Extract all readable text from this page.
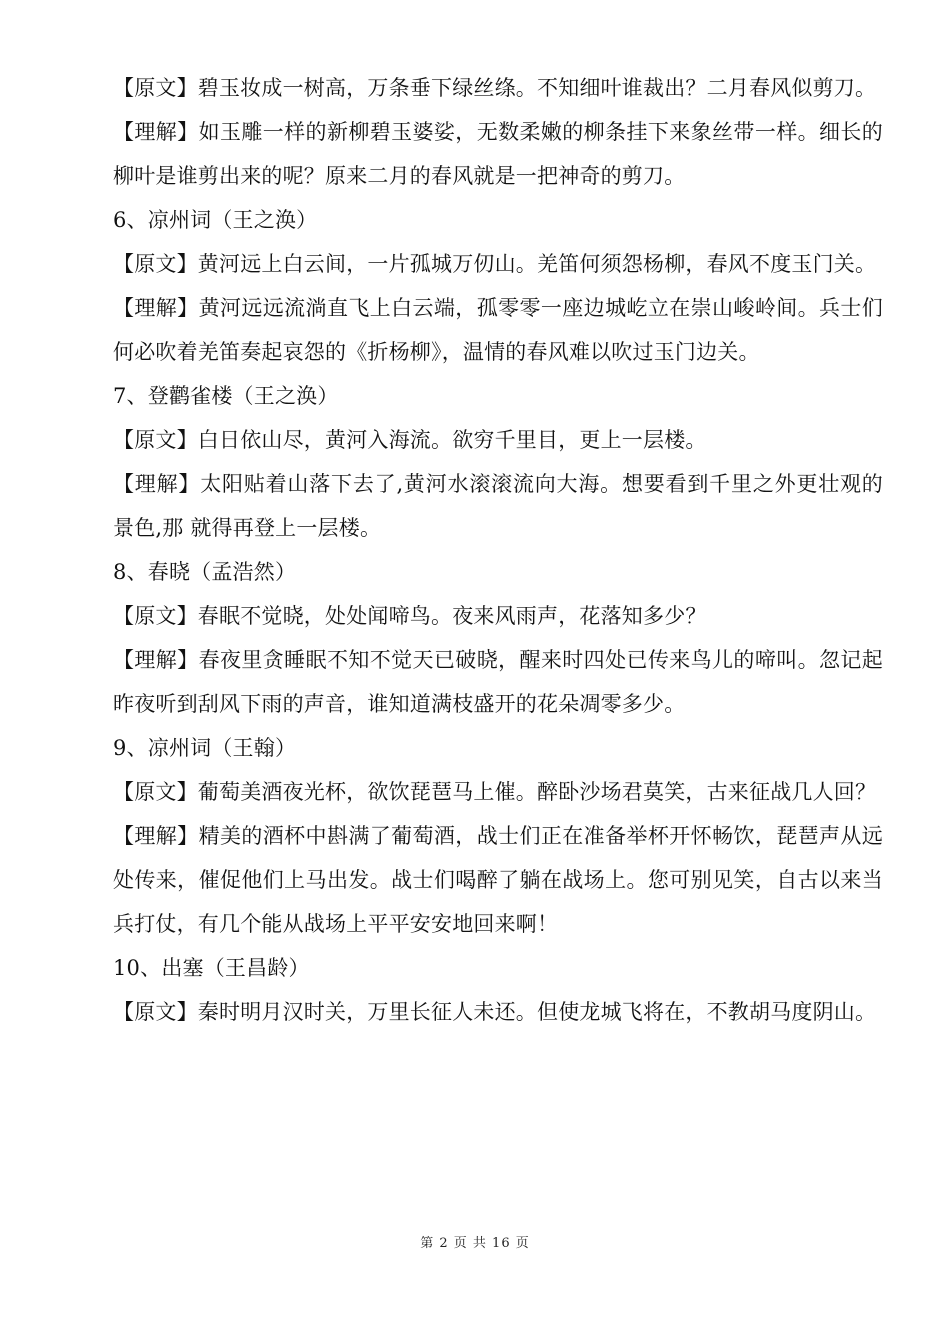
【原文】碧玉妆成一树高，万条垂下绿丝绦。不知细叶谁裁出？二月春风似剪刀。

【理解】如玉雕一样的新柳碧玉婆娑，无数柔嫩的柳条挂下来象丝带一样。细长的柳叶是谁剪出来的呢？原来二月的春风就是一把神奇的剪刀。

6、凉州词（王之涣）

【原文】黄河远上白云间，一片孤城万仞山。羌笛何须怨杨柳，春风不度玉门关。

【理解】黄河远远流淌直飞上白云端，孤零零一座边城屹立在崇山峻岭间。兵士们何必吹着羌笛奏起哀怨的《折杨柳》，温情的春风难以吹过玉门边关。

7、登鹳雀楼（王之涣）

【原文】白日依山尽，黄河入海流。欲穷千里目，更上一层楼。

【理解】太阳贴着山落下去了,黄河水滚滚流向大海。想要看到千里之外更壮观的景色,那 就得再登上一层楼。

8、春晓（孟浩然）

【原文】春眠不觉晓，处处闻啼鸟。夜来风雨声，花落知多少？

【理解】春夜里贪睡眠不知不觉天已破晓，醒来时四处已传来鸟儿的啼叫。忽记起昨夜听到刮风下雨的声音，谁知道满枝盛开的花朵凋零多少。

9、凉州词（王翰）

【原文】葡萄美酒夜光杯，欲饮琵琶马上催。醉卧沙场君莫笑，古来征战几人回？

【理解】精美的酒杯中斟满了葡萄酒，战士们正在准备举杯开怀畅饮，琵琶声从远处传来，催促他们上马出发。战士们喝醉了躺在战场上。您可别见笑，自古以来当兵打仗，有几个能从战场上平平安安地回来啊！

10、出塞（王昌龄）

【原文】秦时明月汉时关，万里长征人未还。但使龙城飞将在，不教胡马度阴山。

第 2 页 共 16 页
